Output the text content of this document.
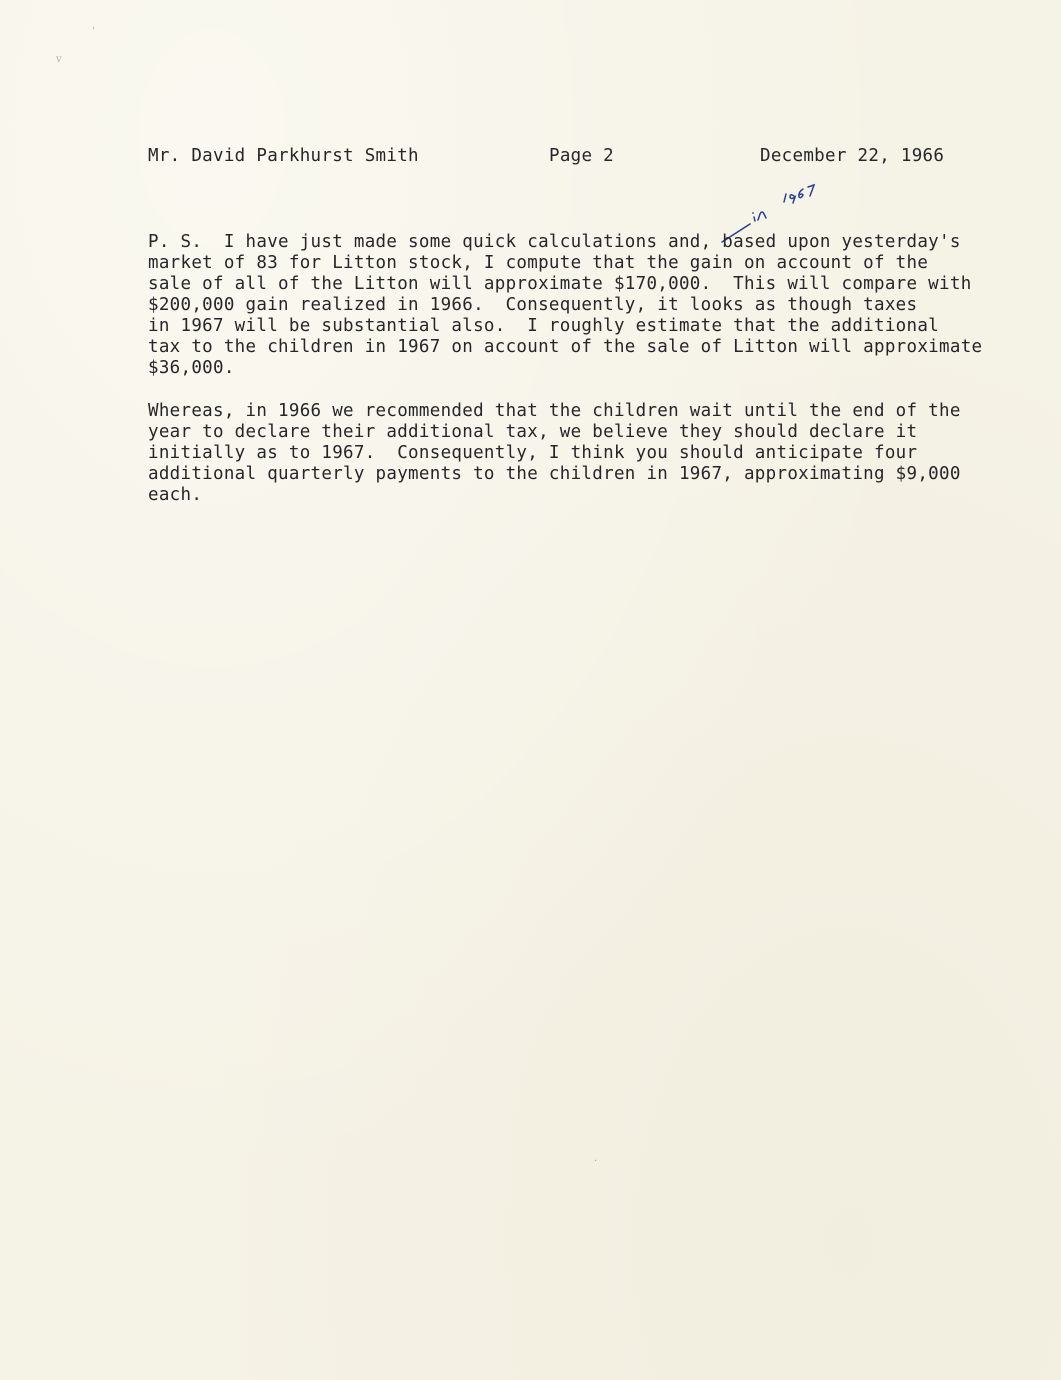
'
v
Mr. David Parkhurst Smith	Page 2	December 22, 1966
P. S.  I have just made some quick calculations and, based upon yesterday's
market of 83 for Litton stock, I compute that the gain on account of the
sale of all of the Litton will approximate $170,000.  This will compare with
$200,000 gain realized in 1966.  Consequently, it looks as though taxes
in 1967 will be substantial also.  I roughly estimate that the additional
tax to the children in 1967 on account of the sale of Litton will approximate
$36,000.
Whereas, in 1966 we recommended that the children wait until the end of the
year to declare their additional tax, we believe they should declare it
initially as to 1967.  Consequently, I think you should anticipate four
additional quarterly payments to the children in 1967, approximating $9,000
each.
·
